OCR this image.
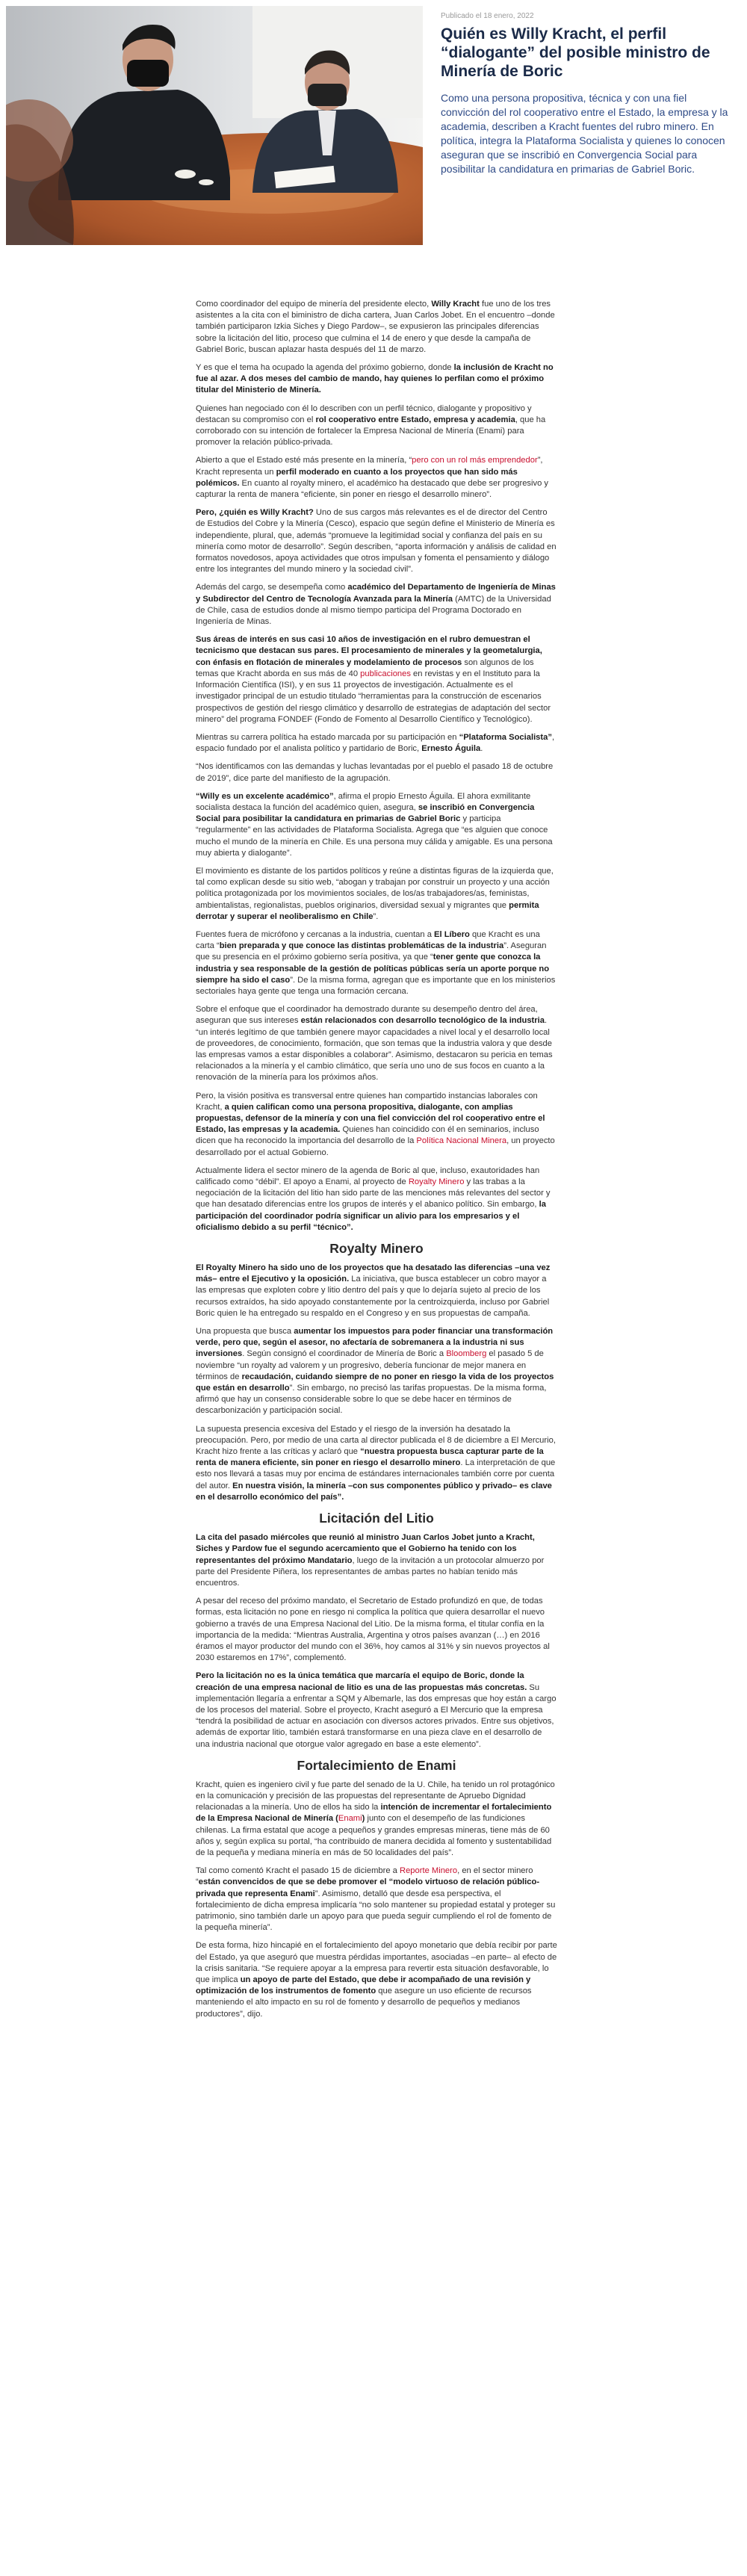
Publicado el 18 enero, 2022
Quién es Willy Kracht, el perfil “dialogante” del posible ministro de Minería de Boric

Como una persona propositiva, técnica y con una fiel convicción del rol cooperativo entre el Estado, la empresa y la academia, describen a Kracht fuentes del rubro minero. En política, integra la Plataforma Socialista y quienes lo conocen aseguran que se inscribió en Convergencia Social para posibilitar la candidatura en primarias de Gabriel Boric.

Como coordinador del equipo de minería del presidente electo, Willy Kracht fue uno de los tres asistentes a la cita con el biministro de dicha cartera, Juan Carlos Jobet. En el encuentro –donde también participaron Izkia Siches y Diego Pardow–, se expusieron las principales diferencias sobre la licitación del litio, proceso que culmina el 14 de enero y que desde la campaña de Gabriel Boric, buscan aplazar hasta después del 11 de marzo.

Y es que el tema ha ocupado la agenda del próximo gobierno, donde la inclusión de Kracht no fue al azar. A dos meses del cambio de mando, hay quienes lo perfilan como el próximo titular del Ministerio de Minería.

Quienes han negociado con él lo describen con un perfil técnico, dialogante y propositivo y destacan su compromiso con el rol cooperativo entre Estado, empresa y academia, que ha corroborado con su intención de fortalecer la Empresa Nacional de Minería (Enami) para promover la relación público-privada.

Abierto a que el Estado esté más presente en la minería, “pero con un rol más emprendedor”, Kracht representa un perfil moderado en cuanto a los proyectos que han sido más polémicos. En cuanto al royalty minero, el académico ha destacado que debe ser progresivo y capturar la renta de manera “eficiente, sin poner en riesgo el desarrollo minero”.

Pero, ¿quién es Willy Kracht? Uno de sus cargos más relevantes es el de director del Centro de Estudios del Cobre y la Minería (Cesco), espacio que según define el Ministerio de Minería es independiente, plural, que, además “promueve la legitimidad social y confianza del país en su minería como motor de desarrollo”. Según describen, “aporta información y análisis de calidad en formatos novedosos, apoya actividades que otros impulsan y fomenta el pensamiento y diálogo entre los integrantes del mundo minero y la sociedad civil”.

Además del cargo, se desempeña como académico del Departamento de Ingeniería de Minas y Subdirector del Centro de Tecnología Avanzada para la Minería (AMTC) de la Universidad de Chile, casa de estudios donde al mismo tiempo participa del Programa Doctorado en Ingeniería de Minas.

Sus áreas de interés en sus casi 10 años de investigación en el rubro demuestran el tecnicismo que destacan sus pares. El procesamiento de minerales y la geometalurgia, con énfasis en flotación de minerales y modelamiento de procesos son algunos de los temas que Kracht aborda en sus más de 40 publicaciones en revistas y en el Instituto para la Información Científica (ISI), y en sus 11 proyectos de investigación. Actualmente es el investigador principal de un estudio titulado “herramientas para la construcción de escenarios prospectivos de gestión del riesgo climático y desarrollo de estrategias de adaptación del sector minero” del programa FONDEF (Fondo de Fomento al Desarrollo Científico y Tecnológico).

Mientras su carrera política ha estado marcada por su participación en “Plataforma Socialista”, espacio fundado por el analista político y partidario de Boric, Ernesto Águila.

“Nos identificamos con las demandas y luchas levantadas por el pueblo el pasado 18 de octubre de 2019”, dice parte del manifiesto de la agrupación.

“Willy es un excelente académico”, afirma el propio Ernesto Águila. El ahora exmilitante socialista destaca la función del académico quien, asegura, se inscribió en Convergencia Social para posibilitar la candidatura en primarias de Gabriel Boric y participa “regularmente” en las actividades de Plataforma Socialista. Agrega que “es alguien que conoce mucho el mundo de la minería en Chile. Es una persona muy cálida y amigable. Es una persona muy abierta y dialogante”.

El movimiento es distante de los partidos políticos y reúne a distintas figuras de la izquierda que, tal como explican desde su sitio web, “abogan y trabajan por construir un proyecto y una acción política protagonizada por los movimientos sociales, de los/as trabajadores/as, feministas, ambientalistas, regionalistas, pueblos originarios, diversidad sexual y migrantes que permita derrotar y superar el neoliberalismo en Chile”.

Fuentes fuera de micrófono y cercanas a la industria, cuentan a El Líbero que Kracht es una carta “bien preparada y que conoce las distintas problemáticas de la industria”. Aseguran que su presencia en el próximo gobierno sería positiva, ya que “tener gente que conozca la industria y sea responsable de la gestión de políticas públicas sería un aporte porque no siempre ha sido el caso”. De la misma forma, agregan que es importante que en los ministerios sectoriales haya gente que tenga una formación cercana.

Sobre el enfoque que el coordinador ha demostrado durante su desempeño dentro del área, aseguran que sus intereses están relacionados con desarrollo tecnológico de la industria. “un interés legítimo de que también genere mayor capacidades a nivel local y el desarrollo local de proveedores, de conocimiento, formación, que son temas que la industria valora y que desde las empresas vamos a estar disponibles a colaborar”. Asimismo, destacaron su pericia en temas relacionados a la minería y el cambio climático, que sería uno uno de sus focos en cuanto a la renovación de la minería para los próximos años.

Pero, la visión positiva es transversal entre quienes han compartido instancias laborales con Kracht, a quien califican como una persona propositiva, dialogante, con amplias propuestas, defensor de la minería y con una fiel convicción del rol cooperativo entre el Estado, las empresas y la academia. Quienes han coincidido con él en seminarios, incluso dicen que ha reconocido la importancia del desarrollo de la Política Nacional Minera, un proyecto desarrollado por el actual Gobierno.

Actualmente lidera el sector minero de la agenda de Boric al que, incluso, exautoridades han calificado como “débil”. El apoyo a Enami, al proyecto de Royalty Minero y las trabas a la negociación de la licitación del litio han sido parte de las menciones más relevantes del sector y que han desatado diferencias entre los grupos de interés y el abanico político. Sin embargo, la participación del coordinador podría significar un alivio para los empresarios y el oficialismo debido a su perfil “técnico”.

Royalty Minero

El Royalty Minero ha sido uno de los proyectos que ha desatado las diferencias –una vez más– entre el Ejecutivo y la oposición. La iniciativa, que busca establecer un cobro mayor a las empresas que exploten cobre y litio dentro del país y que lo dejaría sujeto al precio de los recursos extraídos, ha sido apoyado constantemente por la centroizquierda, incluso por Gabriel Boric quien le ha entregado su respaldo en el Congreso y en sus propuestas de campaña.

Una propuesta que busca aumentar los impuestos para poder financiar una transformación verde, pero que, según el asesor, no afectaría de sobremanera a la industria ni sus inversiones. Según consignó el coordinador de Minería de Boric a Bloomberg el pasado 5 de noviembre “un royalty ad valorem y un progresivo, debería funcionar de mejor manera en términos de recaudación, cuidando siempre de no poner en riesgo la vida de los proyectos que están en desarrollo”. Sin embargo, no precisó las tarifas propuestas. De la misma forma, afirmó que hay un consenso considerable sobre lo que se debe hacer en términos de descarbonización y participación social.

La supuesta presencia excesiva del Estado y el riesgo de la inversión ha desatado la preocupación. Pero, por medio de una carta al director publicada el 8 de diciembre a El Mercurio, Kracht hizo frente a las críticas y aclaró que “nuestra propuesta busca capturar parte de la renta de manera eficiente, sin poner en riesgo el desarrollo minero. La interpretación de que esto nos llevará a tasas muy por encima de estándares internacionales también corre por cuenta del autor. En nuestra visión, la minería –con sus componentes público y privado– es clave en el desarrollo económico del país”.

Licitación del Litio

La cita del pasado miércoles que reunió al ministro Juan Carlos Jobet junto a Kracht, Siches y Pardow fue el segundo acercamiento que el Gobierno ha tenido con los representantes del próximo Mandatario, luego de la invitación a un protocolar almuerzo por parte del Presidente Piñera, los representantes de ambas partes no habían tenido más encuentros.

A pesar del receso del próximo mandato, el Secretario de Estado profundizó en que, de todas formas, esta licitación no pone en riesgo ni complica la política que quiera desarrollar el nuevo gobierno a través de una Empresa Nacional del Litio. De la misma forma, el titular confía en la importancia de la medida: “Mientras Australia, Argentina y otros países avanzan (…) en 2016 éramos el mayor productor del mundo con el 36%, hoy camos al 31% y sin nuevos proyectos al 2030 estaremos en 17%”, complementó.

Pero la licitación no es la única temática que marcaría el equipo de Boric, donde la creación de una empresa nacional de litio es una de las propuestas más concretas. Su implementación llegaría a enfrentar a SQM y Albemarle, las dos empresas que hoy están a cargo de los procesos del material. Sobre el proyecto, Kracht aseguró a El Mercurio que la empresa “tendrá la posibilidad de actuar en asociación con diversos actores privados. Entre sus objetivos, además de exportar litio, también estará transformarse en una pieza clave en el desarrollo de una industria nacional que otorgue valor agregado en base a este elemento”.

Fortalecimiento de Enami

Kracht, quien es ingeniero civil y fue parte del senado de la U. Chile, ha tenido un rol protagónico en la comunicación y precisión de las propuestas del representante de Apruebo Dignidad relacionadas a la minería. Uno de ellos ha sido la intención de incrementar el fortalecimiento de la Empresa Nacional de Minería (Enami) junto con el desempeño de las fundiciones chilenas. La firma estatal que acoge a pequeños y grandes empresas mineras, tiene más de 60 años y, según explica su portal, “ha contribuido de manera decidida al fomento y sustentabilidad de la pequeña y mediana minería en más de 50 localidades del país”.

Tal como comentó Kracht el pasado 15 de diciembre a Reporte Minero, en el sector minero “están convencidos de que se debe promover el “modelo virtuoso de relación público-privada que representa Enami”. Asimismo, detalló que desde esa perspectiva, el fortalecimiento de dicha empresa implicaría “no solo mantener su propiedad estatal y proteger su patrimonio, sino también darle un apoyo para que pueda seguir cumpliendo el rol de fomento de la pequeña minería”.

De esta forma, hizo hincapié en el fortalecimiento del apoyo monetario que debía recibir por parte del Estado, ya que aseguró que muestra pérdidas importantes, asociadas –en parte– al efecto de la crisis sanitaria. “Se requiere apoyar a la empresa para revertir esta situación desfavorable, lo que implica un apoyo de parte del Estado, que debe ir acompañado de una revisión y optimización de los instrumentos de fomento que asegure un uso eficiente de recursos manteniendo el alto impacto en su rol de fomento y desarrollo de pequeños y medianos productores”, dijo.
